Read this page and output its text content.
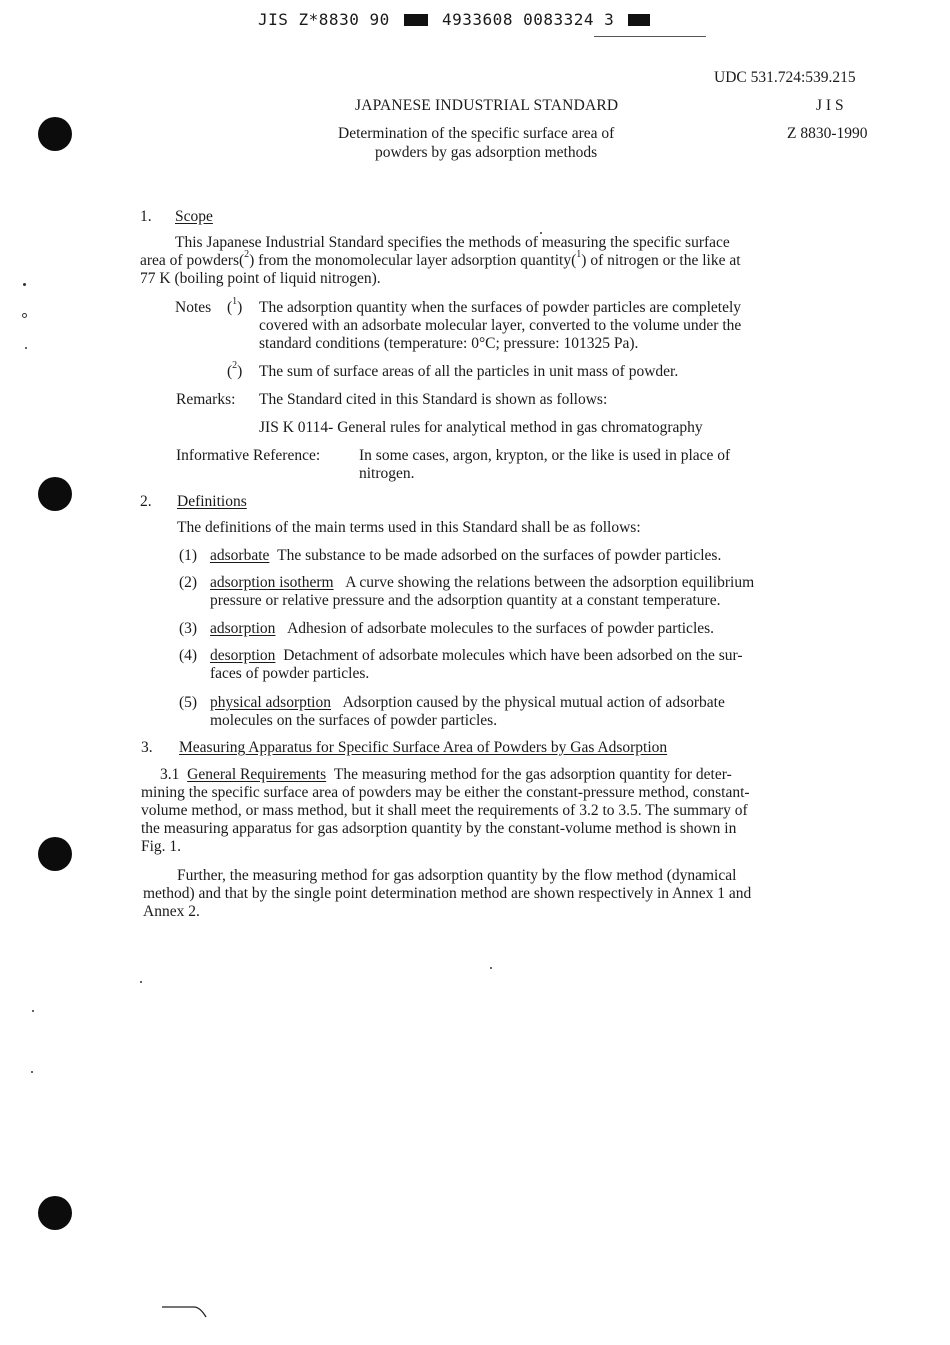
JIS Z*8830 90	4933608 0083324 3
UDC 531.724:539.215
JAPANESE INDUSTRIAL STANDARD	J I S
Determination of the specific surface area of
powders by gas adsorption methods
Z 8830-1990
1. Scope
This Japanese Industrial Standard specifies the methods of measuring the specific surface
area of powders($^2$) from the monomolecular layer adsorption quantity($^1$) of nitrogen or the like at
77 K (boiling point of liquid nitrogen).
Notes ($^1$) The adsorption quantity when the surfaces of powder particles are completely
covered with an adsorbate molecular layer, converted to the volume under the
standard conditions (temperature: 0°C; pressure: 101325 Pa).
($^2$) The sum of surface areas of all the particles in unit mass of powder.
Remarks: The Standard cited in this Standard is shown as follows:
JIS K 0114- General rules for analytical method in gas chromatography
Informative Reference:	In some cases, argon, krypton, or the like is used in place of
nitrogen.
2. Definitions
The definitions of the main terms used in this Standard shall be as follows:
(1) adsorbate The substance to be made adsorbed on the surfaces of powder particles.
(2) adsorption isotherm A curve showing the relations between the adsorption equilibrium
pressure or relative pressure and the adsorption quantity at a constant temperature.
(3) adsorption Adhesion of adsorbate molecules to the surfaces of powder particles.
(4) desorption Detachment of adsorbate molecules which have been adsorbed on the sur-
faces of powder particles.
(5) physical adsorption Adsorption caused by the physical mutual action of adsorbate
molecules on the surfaces of powder particles.
3. Measuring Apparatus for Specific Surface Area of Powders by Gas Adsorption
3.1 General Requirements The measuring method for the gas adsorption quantity for deter-
mining the specific surface area of powders may be either the constant-pressure method, constant-
volume method, or mass method, but it shall meet the requirements of 3.2 to 3.5. The summary of
the measuring apparatus for gas adsorption quantity by the constant-volume method is shown in
Fig. 1.
Further, the measuring method for gas adsorption quantity by the flow method (dynamical
method) and that by the single point determination method are shown respectively in Annex 1 and
Annex 2.
